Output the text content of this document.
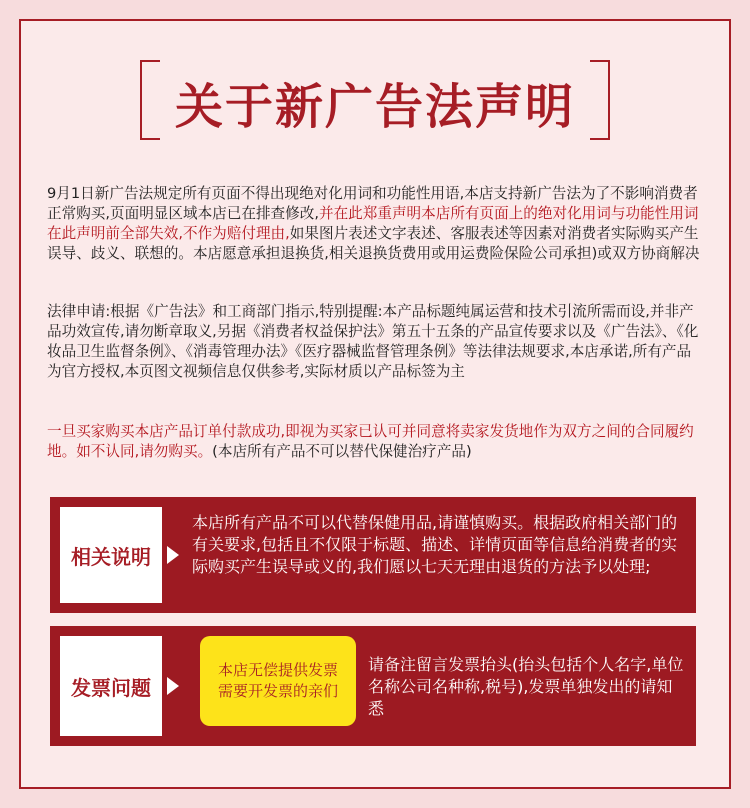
关于新广告法声明
9月1日新广告法规定所有页面不得出现绝对化用词和功能性用语,本店支持新广告法为了不影响消费者正常购买,页面明显区域本店已在排查修改,并在此郑重声明本店所有页面上的绝对化用词与功能性用词在此声明前全部失效,不作为赔付理由,如果图片表述文字表述、客服表述等因素对消费者实际购买产生误导、歧义、联想的。本店愿意承担退换货,相关退换货费用或用运费险保险公司承担)或双方协商解决
法律申请:根据《广告法》和工商部门指示,特别提醒:本产品标题纯属运营和技术引流所需而设,并非产品功效宣传,请勿断章取义,另据《消费者权益保护法》第五十五条的产品宣传要求以及《广告法》、《化妆品卫生监督条例》、《消毒管理办法》《医疗器械监督管理条例》等法律法规要求,本店承诺,所有产品为官方授权,本页图文视频信息仅供参考,实际材质以产品标签为主
一旦买家购买本店产品订单付款成功,即视为买家已认可并同意将卖家发货地作为双方之间的合同履约地。如不认同,请勿购买。(本店所有产品不可以替代保健治疗产品)
相关说明
本店所有产品不可以代替保健用品,请谨慎购买。根据政府相关部门的有关要求,包括且不仅限于标题、描述、详情页面等信息给消费者的实际购买产生误导或义的,我们愿以七天无理由退货的方法予以处理;
发票问题
本店无偿提供发票
需要开发票的亲们
请备注留言发票抬头(抬头包括个人名字,单位名称公司名种称,税号),发票单独发出的请知悉
